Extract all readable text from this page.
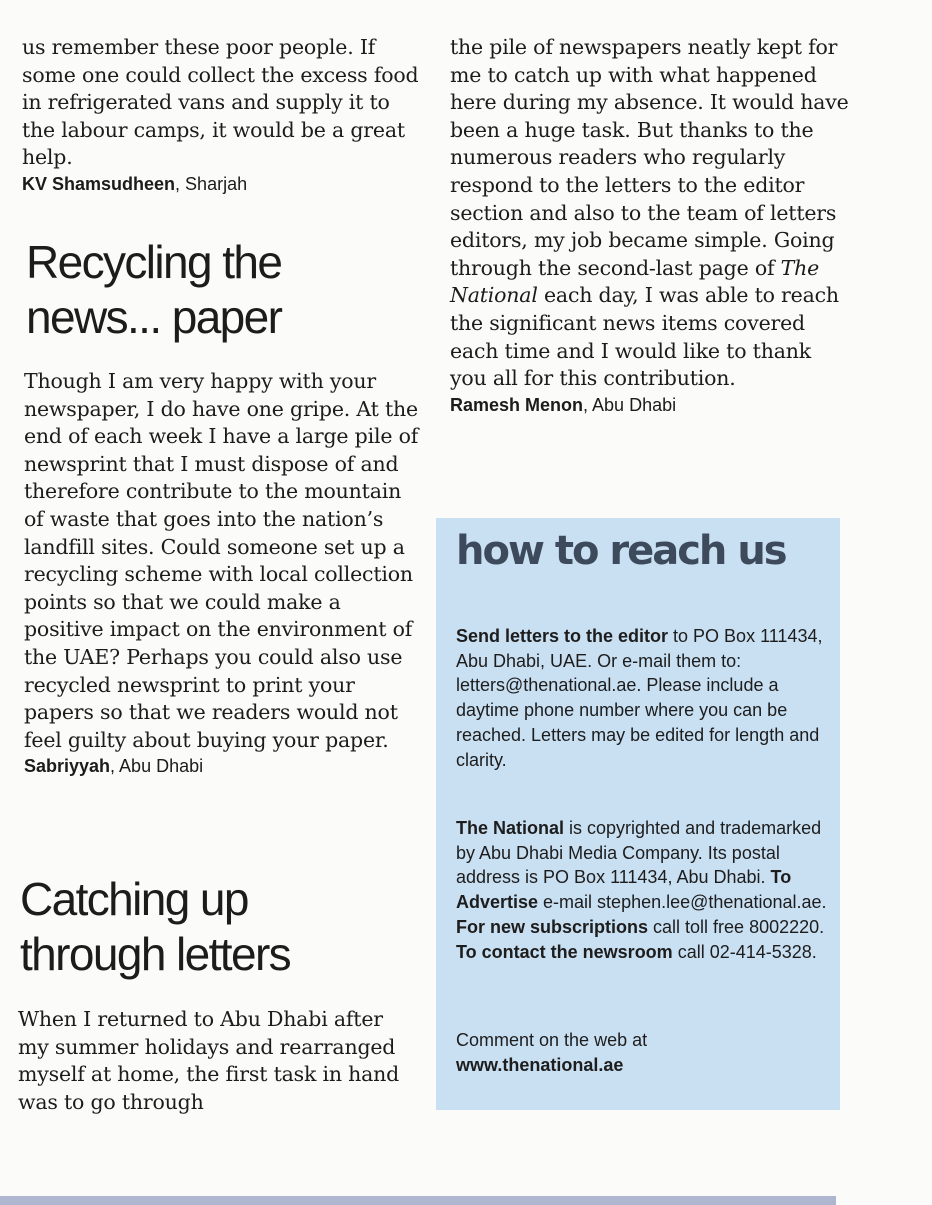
us remember these poor people. If some one could collect the excess food in refrigerated vans and supply it to the labour camps, it would be a great help.

KV Shamsudheen, Sharjah

Recycling the
news... paper

Though I am very happy with your newspaper, I do have one gripe. At the end of each week I have a large pile of newsprint that I must dispose of and therefore contribute to the mountain of waste that goes into the nation’s landfill sites. Could someone set up a recycling scheme with local collection points so that we could make a positive impact on the environment of the UAE? Perhaps you could also use recycled newsprint to print your papers so that we readers would not feel guilty about buying your paper.

Sabriyyah, Abu Dhabi

Catching up
through letters

When I returned to Abu Dhabi after my summer holidays and rearranged myself at home, the first task in hand was to go through

the pile of newspapers neatly kept for me to catch up with what happened here during my absence. It would have been a huge task. But thanks to the numerous readers who regularly respond to the letters to the editor section and also to the team of letters editors, my job became simple. Going through the second-last page of The National each day, I was able to reach the significant news items covered each time and I would like to thank you all for this contribution.

Ramesh Menon, Abu Dhabi

how to reach us

Send letters to the editor to PO Box 111434, Abu Dhabi, UAE. Or e-mail them to: letters@thenational.ae. Please include a daytime phone number where you can be reached. Letters may be edited for length and clarity.

The National is copyrighted and trademarked by Abu Dhabi Media Company. Its postal address is PO Box 111434, Abu Dhabi. To Advertise e-mail stephen.lee@thenational.ae. For new subscriptions call toll free 8002220. To contact the newsroom call 02-414-5328.

Comment on the web at
www.thenational.ae
